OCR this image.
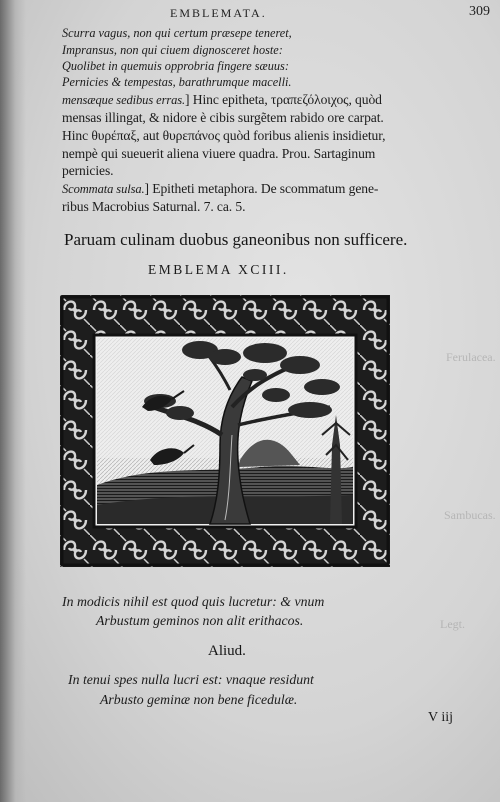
Ferulacea.
Sambucas.
Legt.
EMBLEMATA.	309
Scurra vagus, non qui certum præsepe teneret,
Impransus, non qui ciuem dignosceret hoste:
Quolibet in quemuis opprobria fingere sæuus:
Pernicies & tempestas, barathrumque macelli.
mensæque sedibus erras.] Hinc epitheta, τραπεζόλοιχος, quòd
mensas illingat, & nidore è cibis surgẽtem rabido ore carpat.
Hinc θυρέπαξ, aut θυρεπάνος quòd foribus alienis insidietur,
nempè qui sueuerit aliena viuere quadra. Prou. Sartaginum
pernicies.
Scommata sulsa.] Epitheti metaphora. De scommatum gene-
ribus Macrobius Saturnal. 7. ca. 5.
Paruam culinam duobus ganeonibus non sufficere.
EMBLEMA XCIII.
In modicis nihil est quod quis lucretur: & vnum
Arbustum geminos non alit erithacos.
Aliud.
In tenui spes nulla lucri est: vnaque residunt
Arbusto geminæ non bene ficedulæ.
V iij
